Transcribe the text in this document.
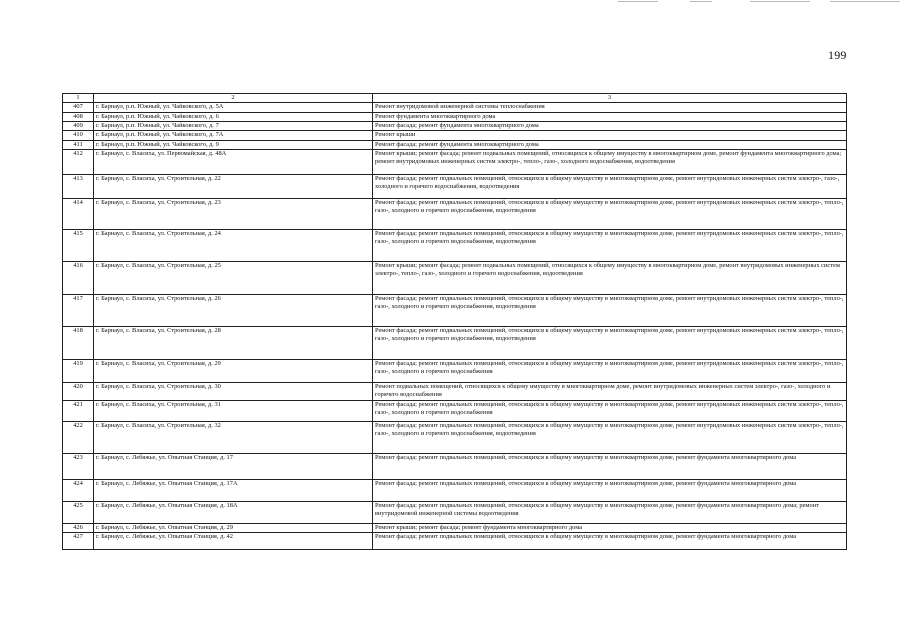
199
1	2	3
407	г. Барнаул, р.п. Южный, ул. Чайковского, д. 5А	Ремонт внутридомовой инженерной системы теплоснабжения
408	г. Барнаул, р.п. Южный, ул. Чайковского, д. 6	Ремонт фундамента многоквартирного дома
409	г. Барнаул, р.п. Южный, ул. Чайковского, д. 7	Ремонт фасада; ремонт фундамента многоквартирного дома
410	г. Барнаул, р.п. Южный, ул. Чайковского, д. 7А	Ремонт крыши
411	г. Барнаул, р.п. Южный, ул. Чайковского, д. 9	Ремонт фасада; ремонт фундамента многоквартирного дома
412	г. Барнаул, с. Власиха, ул. Первомайская, д. 48А	Ремонт крыши; ремонт фасада; ремонт подвальных помещений, относящихся к общему имуществу в многоквартирном доме, ремонт фундамента многоквартирного дома; ремонт внутридомовых инженерных систем электро-, тепло-, газо-, холодного водоснабжения, водоотведения
413	г. Барнаул, с. Власиха, ул. Строительная, д. 22	Ремонт фасада; ремонт подвальных помещений, относящихся к общему имуществу в многоквартирном доме, ремонт внутридомовых инженерных систем электро-, газо-, холодного и горячего водоснабжения, водоотведения
414	г. Барнаул, с. Власиха, ул. Строительная, д. 23	Ремонт фасада; ремонт подвальных помещений, относящихся к общему имуществу в многоквартирном доме, ремонт внутридомовых инженерных систем электро-, тепло-, газо-, холодного и горячего водоснабжения, водоотведения
415	г. Барнаул, с. Власиха, ул. Строительная, д. 24	Ремонт фасада; ремонт подвальных помещений, относящихся к общему имуществу в многоквартирном доме, ремонт внутридомовых инженерных систем электро-, тепло-, газо-, холодного и горячего водоснабжения, водоотведения
416	г. Барнаул, с. Власиха, ул. Строительная, д. 25	Ремонт крыши; ремонт фасада; ремонт подвальных помещений, относящихся к общему имуществу в многоквартирном доме, ремонт внутридомовых инженерных систем электро-, тепло-, газо-, холодного и горячего водоснабжения, водоотведения
417	г. Барнаул, с. Власиха, ул. Строительная, д. 26	Ремонт фасада; ремонт подвальных помещений, относящихся к общему имуществу в многоквартирном доме, ремонт внутридомовых инженерных систем электро-, тепло-, газо-, холодного и горячего водоснабжения, водоотведения
418	г. Барнаул, с. Власиха, ул. Строительная, д. 28	Ремонт фасада; ремонт подвальных помещений, относящихся к общему имуществу в многоквартирном доме, ремонт внутридомовых инженерных систем электро-, тепло-, газо-, холодного и горячего водоснабжения, водоотведения
419	г. Барнаул, с. Власиха, ул. Строительная, д. 29	Ремонт фасада; ремонт подвальных помещений, относящихся к общему имуществу в многоквартирном доме, ремонт внутридомовых инженерных систем электро-, тепло-, газо-, холодного и горячего водоснабжения
420	г. Барнаул, с. Власиха, ул. Строительная, д. 30	Ремонт подвальных помещений, относящихся к общему имуществу в многоквартирном доме, ремонт внутридомовых инженерных систем электро-, газо-, холодного и горячего водоснабжения
421	г. Барнаул, с. Власиха, ул. Строительная, д. 31	Ремонт фасада; ремонт подвальных помещений, относящихся к общему имуществу в многоквартирном доме, ремонт внутридомовых инженерных систем электро-, тепло-, газо-, холодного и горячего водоснабжения
422	г. Барнаул, с. Власиха, ул. Строительная, д. 32	Ремонт фасада; ремонт подвальных помещений, относящихся к общему имуществу в многоквартирном доме, ремонт внутридомовых инженерных систем электро-, тепло-, газо-, холодного и горячего водоснабжения, водоотведения
423	г. Барнаул, с. Лебяжье, ул. Опытная Станция, д. 17	Ремонт фасада; ремонт подвальных помещений, относящихся к общему имуществу в многоквартирном доме, ремонт фундамента многоквартирного дома
424	г. Барнаул, с. Лебяжье, ул. Опытная Станция, д. 17А	Ремонт фасада; ремонт подвальных помещений, относящихся к общему имуществу в многоквартирном доме, ремонт фундамента многоквартирного дома
425	г. Барнаул, с. Лебяжье, ул. Опытная Станция, д. 18А	Ремонт фасада; ремонт подвальных помещений, относящихся к общему имуществу в многоквартирном доме, ремонт фундамента многоквартирного дома; ремонт внутридомовой инженерной системы водоотведения
426	г. Барнаул, с. Лебяжье, ул. Опытная Станция, д. 29	Ремонт крыши; ремонт фасада; ремонт фундамента многоквартирного дома
427	г. Барнаул, с. Лебяжье, ул. Опытная Станция, д. 42	Ремонт фасада; ремонт подвальных помещений, относящихся к общему имуществу в многоквартирном доме, ремонт фундамента многоквартирного дома
